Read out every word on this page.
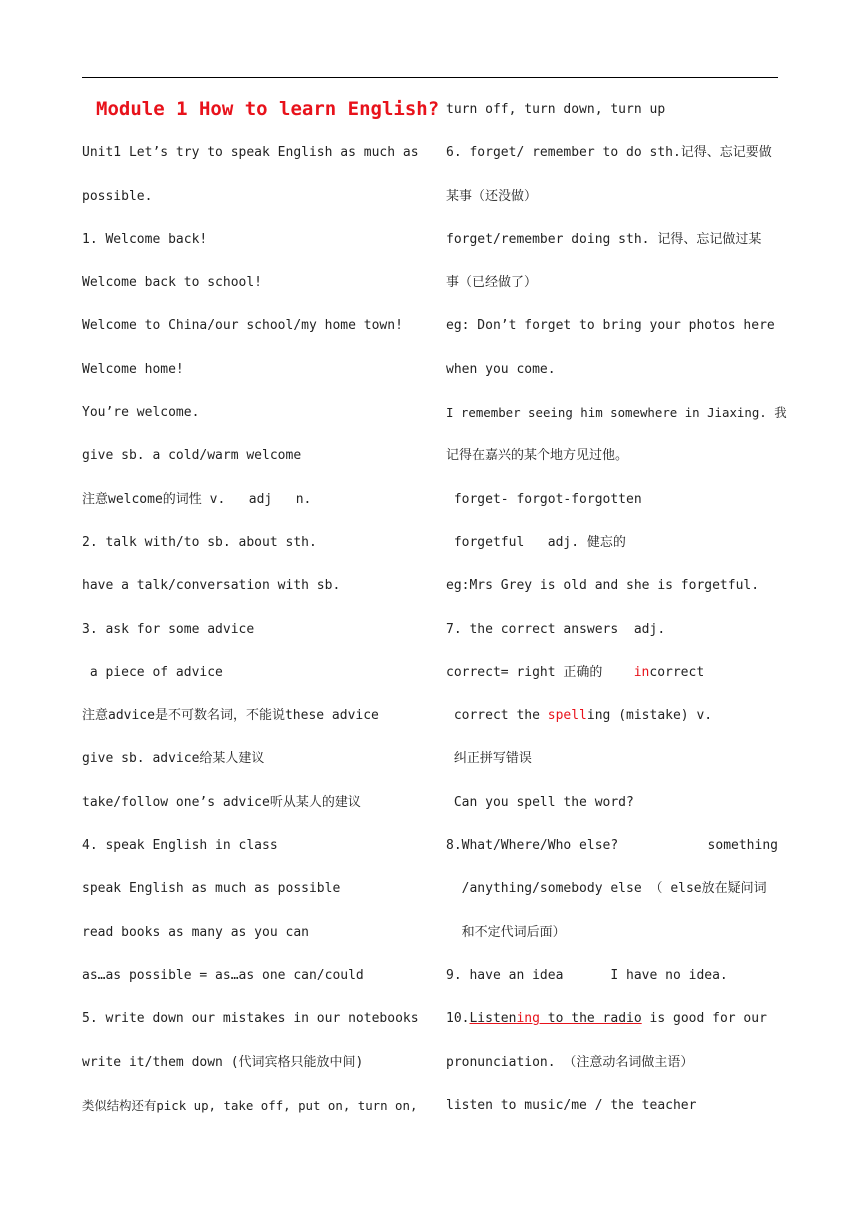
Module 1 How to learn English?
Unit1 Let’s try to speak English as much as
possible.
1. Welcome back!
Welcome back to school!
Welcome to China/our school/my home town!
Welcome home!
You’re welcome.
give sb. a cold/warm welcome
注意welcome的词性 v.   adj   n.
2. talk with/to sb. about sth.
have a talk/conversation with sb.
3. ask for some advice
a piece of advice
注意advice是不可数名词，不能说these advice
give sb. advice给某人建议
take/follow one’s advice听从某人的建议
4. speak English in class
speak English as much as possible
read books as many as you can
as…as possible = as…as one can/could
5. write down our mistakes in our notebooks
write it/them down (代词宾格只能放中间)
类似结构还有pick up, take off, put on, turn on,
turn off, turn down, turn up
6. forget/ remember to do sth.记得、忘记要做
某事（还没做）
forget/remember doing sth. 记得、忘记做过某
事（已经做了）
eg: Don’t forget to bring your photos here
when you come.
I remember seeing him somewhere in Jiaxing. 我
记得在嘉兴的某个地方见过他。
forget- forgot-forgotten
forgetful   adj. 健忘的
eg:Mrs Grey is old and she is forgetful.
7. the correct answers  adj.
correct= right 正确的    incorrect
correct the spelling (mistake) v.
纠正拼写错误
Can you spell the word?
8.What/Where/Who else?	something
/anything/somebody else （ else放在疑问词
和不定代词后面）
9. have an idea      I have no idea.
10.Listening to the radio is good for our
pronunciation. （注意动名词做主语）
listen to music/me / the teacher
